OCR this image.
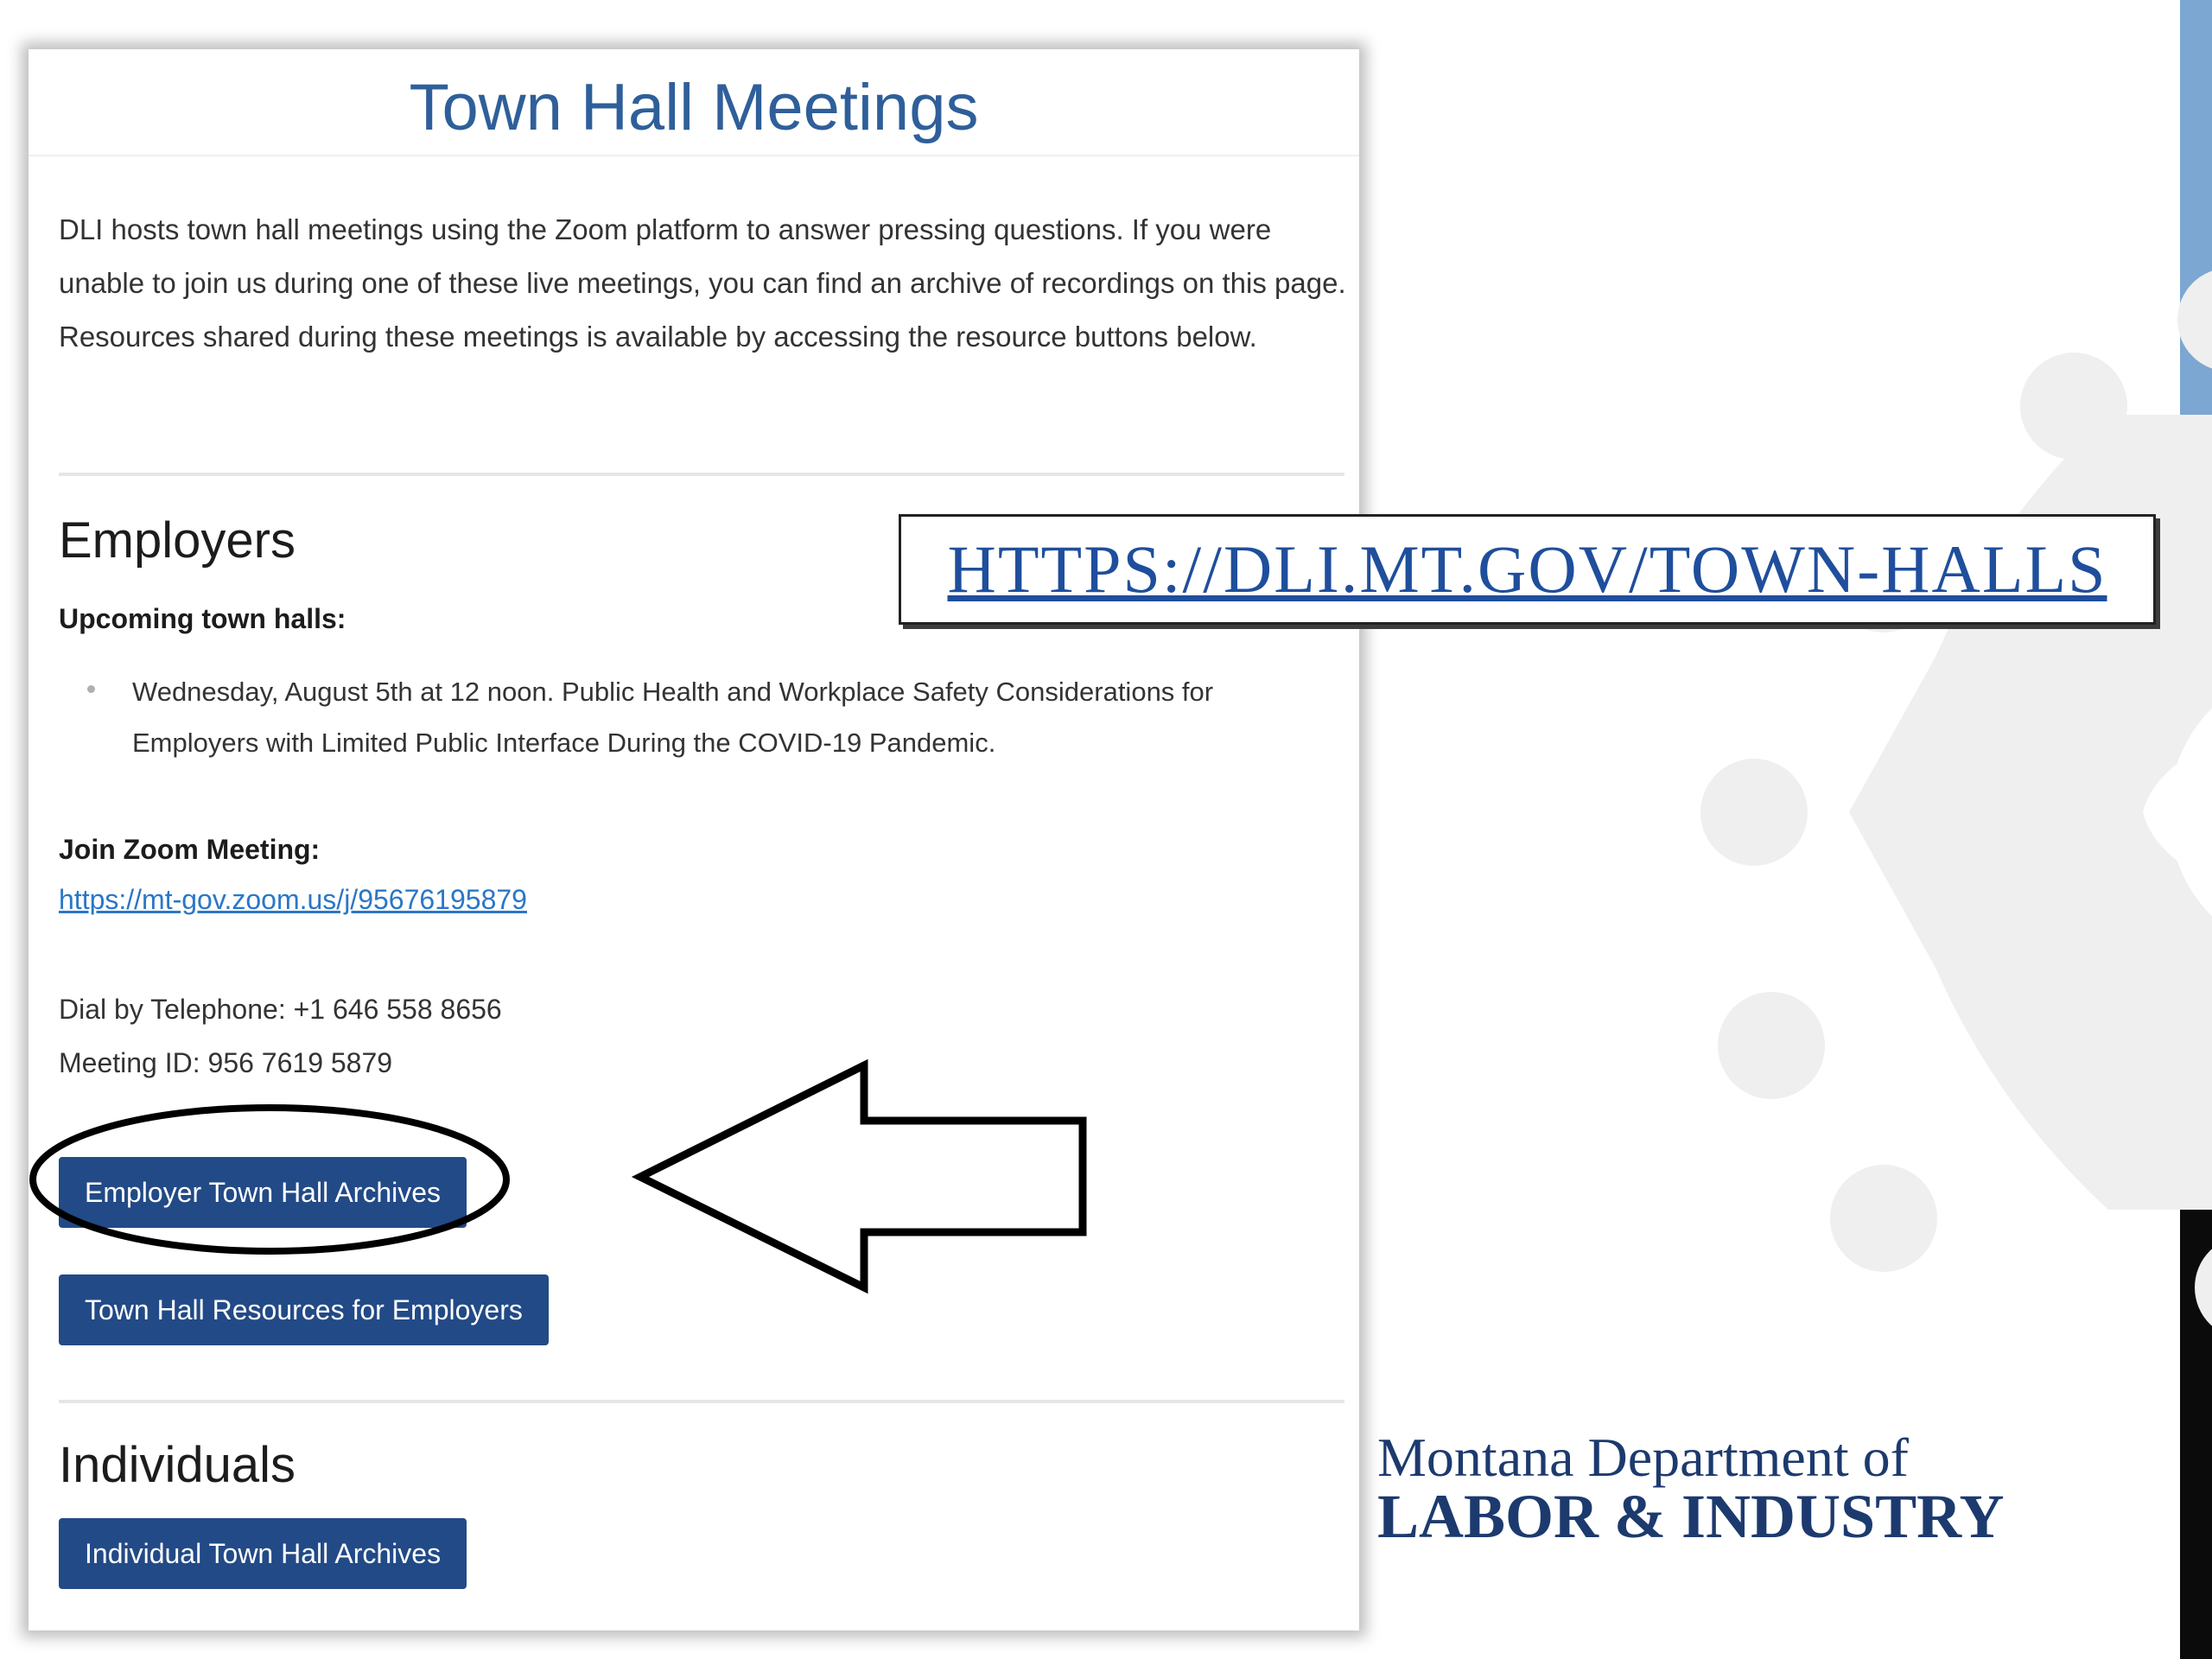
Town Hall Meetings
DLI hosts town hall meetings using the Zoom platform to answer pressing questions. If you were unable to join us during one of these live meetings, you can find an archive of recordings on this page. Resources shared during these meetings is available by accessing the resource buttons below.
Employers
Upcoming town halls:
Wednesday, August 5th at 12 noon. Public Health and Workplace Safety Considerations for Employers with Limited Public Interface During the COVID-19 Pandemic.
Join Zoom Meeting:
https://mt-gov.zoom.us/j/95676195879
Dial by Telephone: +1 646 558 8656
Meeting ID: 956 7619 5879
Employer Town Hall Archives
Town Hall Resources for Employers
Individuals
Individual Town Hall Archives
HTTPS://DLI.MT.GOV/TOWN-HALLS
Montana Department of
LABOR & INDUSTRY
